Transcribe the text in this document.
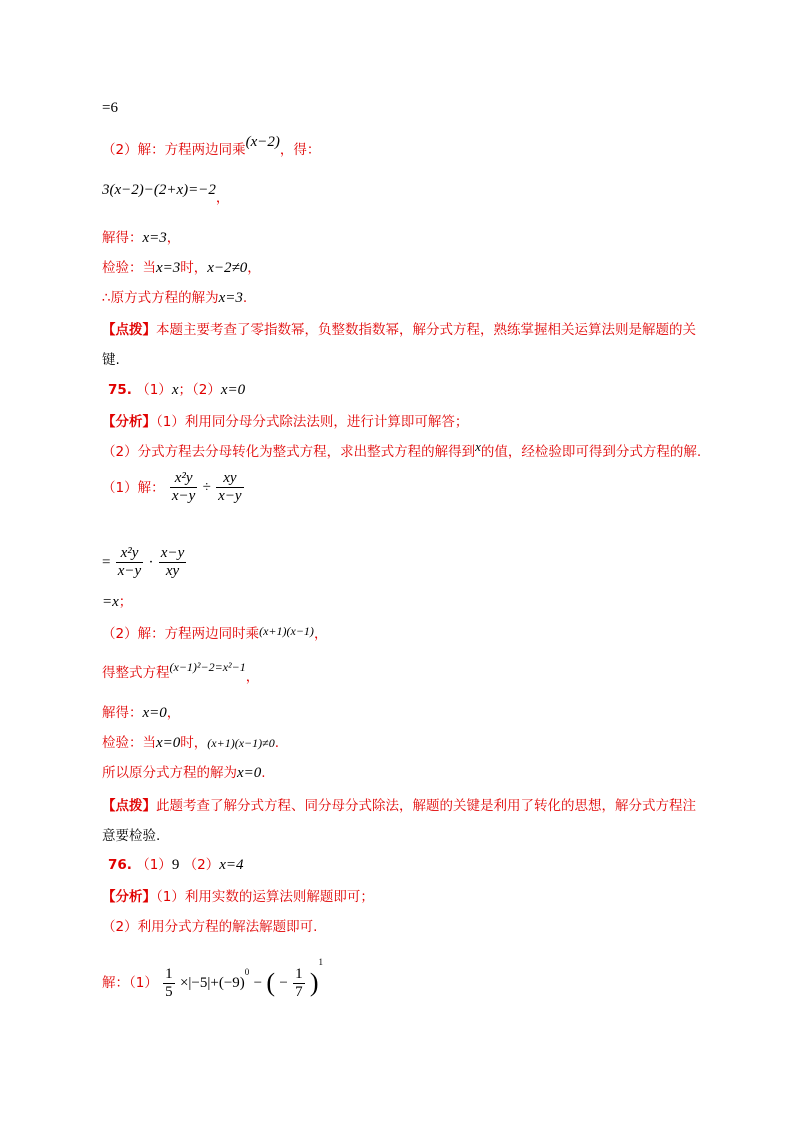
=6
（2）解：方程两边同乘(x−2)，得：
3(x−2)−(2+x)=−2，
解得：x=3，
检验：当x=3时，x−2≠0，
∴原方式方程的解为x=3.
【点拨】本题主要考查了零指数幂，负整数指数幂，解分式方程，熟练掌握相关运算法则是解题的关
键.
75. （1）x；（2）x=0
【分析】（1）利用同分母分式除法法则，进行计算即可解答；
（2）分式方程去分母转化为整式方程，求出整式方程的解得到x的值，经检验即可得到分式方程的解.
（1）解： $\frac{\text{x²y}}{x-y} \div \frac{xy}{x-y}$
= $\frac{\text{x²y}}{x-y} \cdot \frac{x-y}{xy}$
=x；
（2）解：方程两边同时乘(x+1)(x−1)，
得整式方程(x−1)²−2=x²−1，
解得：x=0，
检验：当x=0时，(x+1)(x−1)≠0.
所以原分式方程的解为x=0.
【点拨】此题考查了解分式方程、同分母分式除法，解题的关键是利用了转化的思想，解分式方程注
意要检验.
76. （1）9 （2）x=4
【分析】（1）利用实数的运算法则解题即可；
（2）利用分式方程的解法解题即可.
解：$(1) \frac{1}{5} \times|-5|+(-9)^0$ − ( − $\frac{1}{7} )^1$
